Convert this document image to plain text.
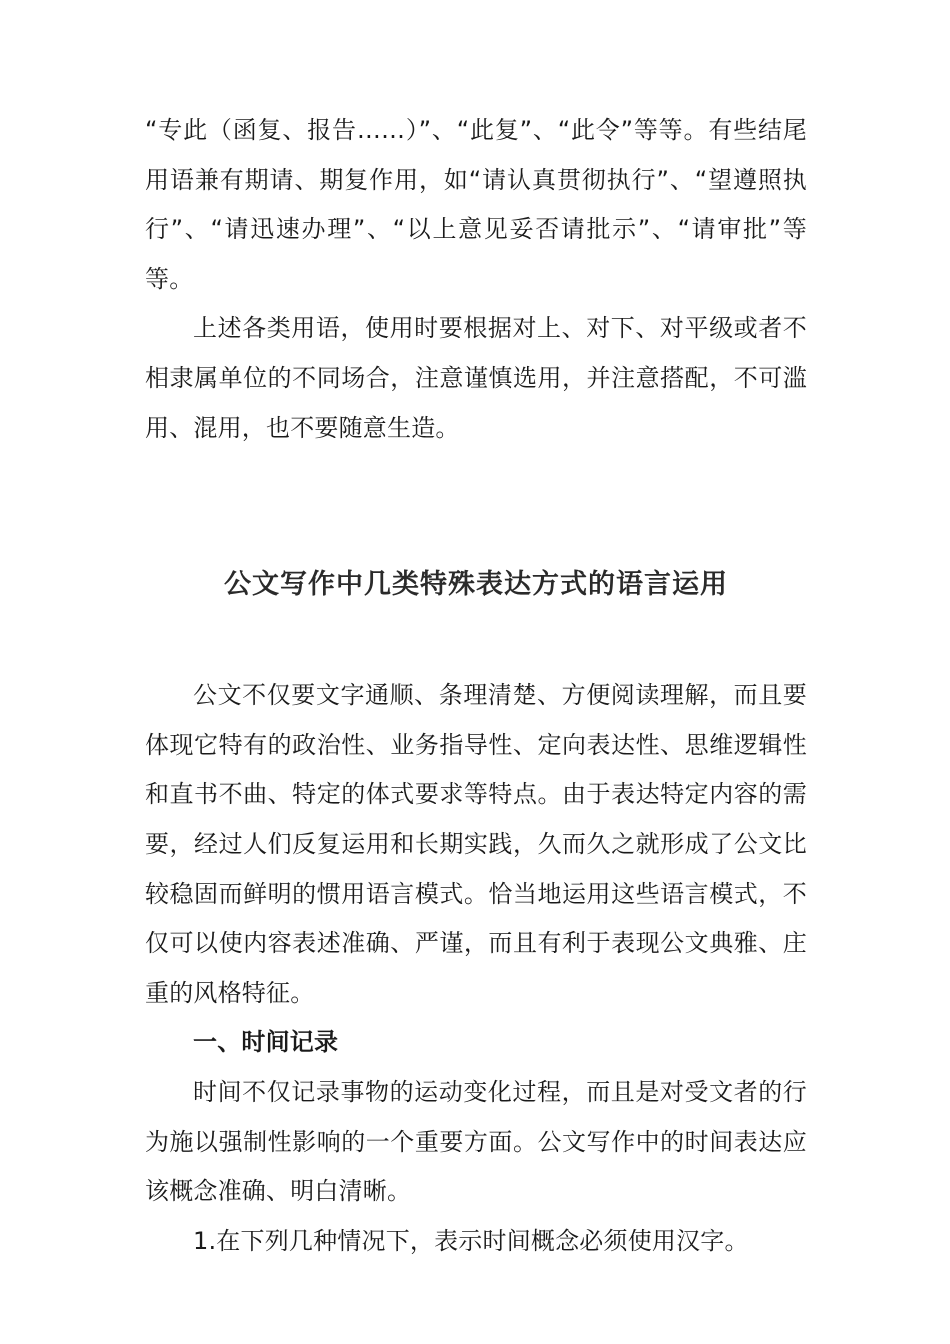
“专此（函复、报告……）”、“此复”、“此令”等等。有些结尾用语兼有期请、期复作用，如“请认真贯彻执行”、“望遵照执行”、“请迅速办理”、“以上意见妥否请批示”、“请审批”等等。

上述各类用语，使用时要根据对上、对下、对平级或者不相隶属单位的不同场合，注意谨慎选用，并注意搭配，不可滥用、混用，也不要随意生造。

公文写作中几类特殊表达方式的语言运用

公文不仅要文字通顺、条理清楚、方便阅读理解，而且要体现它特有的政治性、业务指导性、定向表达性、思维逻辑性和直书不曲、特定的体式要求等特点。由于表达特定内容的需要，经过人们反复运用和长期实践，久而久之就形成了公文比较稳固而鲜明的惯用语言模式。恰当地运用这些语言模式，不仅可以使内容表述准确、严谨，而且有利于表现公文典雅、庄重的风格特征。

一、时间记录

时间不仅记录事物的运动变化过程，而且是对受文者的行为施以强制性影响的一个重要方面。公文写作中的时间表达应该概念准确、明白清晰。

1.在下列几种情况下，表示时间概念必须使用汉字。
